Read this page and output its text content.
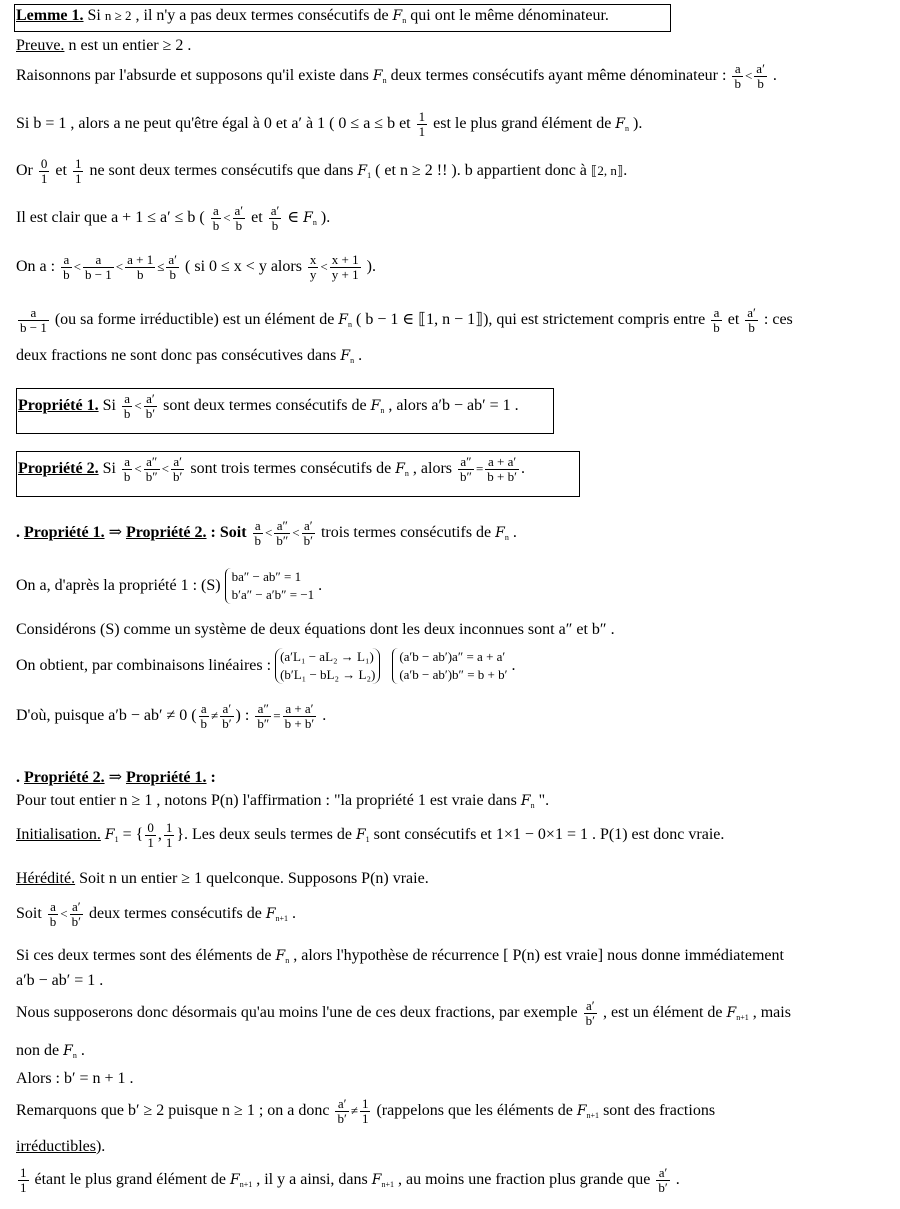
Lemme 1. Si n ≥ 2 , il n'y a pas deux termes consécutifs de $F_n$ qui ont le même dénominateur.
Preuve. n est un entier ≥ 2 .
Raisonnons par l'absurde et supposons qu'il existe dans $F_n$ deux termes consécutifs ayant même dénominateur : $\frac{a}{b} < \frac{a'}{b}$ .
Si b = 1 , alors a ne peut qu'être égal à 0 et a′ à 1 ( 0 ≤ a ≤ b et $\frac{1}{1}$ est le plus grand élément de $F_n$ ).
Or $\frac{0}{1}$ et $\frac{1}{1}$ ne sont deux termes consécutifs que dans $F_1$ ( et n ≥ 2 !! ). b appartient donc à ⟦2, n⟧.
Il est clair que a + 1 ≤ a′ ≤ b ( $\frac{a}{b} < \frac{a'}{b}$ et $\frac{a'}{b}$ ∈ $F_n$ ).
On a : $\frac{a}{b} < \frac{a}{b - 1} < \frac{a + 1}{b} \le \frac{a'}{b}$ ( si 0 ≤ x < y alors $\frac{x}{y} < \frac{x + 1}{y + 1}$ ).
$\frac{a}{b - 1} (ou$ sa forme irréductible) est un élément de $F_n$ ( b − 1 ∈ ⟦1, n − 1⟧), qui est strictement compris entre $\frac{a}{b}$ et $\frac{a'}{b}$ : ces
deux fractions ne sont donc pas consécutives dans $F_n$ .
Propriété 1. Si $\frac{a}{b} < \frac{a'}{b'}$ sont deux termes consécutifs de $F_n$ , alors a′b − ab′ = 1 .
Propriété 2. Si $\frac{a}{b} < \frac{a''}{b''} < \frac{a'}{b'}$ sont trois termes consécutifs de $F_n$ , alors $\frac{a''}{b''} = \frac{a + a'}{b + b'}$ .
. Propriété 1. ⇒ Propriété 2. : Soit $\frac{a}{b} < \frac{a''}{b''} < \frac{a'}{b'}$ trois termes consécutifs de $F_n$ .
On a, d'après la propriété 1 : (S)
ba″ − ab″ = 1
b′a″ − a′b″ = −1
.
Considérons (S) comme un système de deux équations dont les deux inconnues sont a″ et b″ .
On obtient, par combinaisons linéaires :
(a′L₁ − aL₂ → L₁)
(b′L₁ − bL₂ → L₂)

(a′b − ab′)a″ = a + a′
(a′b − ab′)b″ = b + b′
.
D'où, puisque a′b − ab′ ≠ 0 ( $\frac{a}{b} \ne \frac{a'}{b'}$ ) : $\frac{a''}{b''} = \frac{a + a'}{b + b'}$ .
. Propriété 2. ⇒ Propriété 1. :
Pour tout entier n ≥ 1 , notons P(n) l'affirmation : "la propriété 1 est vraie dans $F_n$ ".
Initialisation. $F_1$ = { $\frac{0}{1}$ , $\frac{1}{1}$ }. Les deux seuls termes de $F_1$ sont consécutifs et 1×1 − 0×1 = 1 . P(1) est donc vraie.
Hérédité. Soit n un entier ≥ 1 quelconque. Supposons P(n) vraie.
Soit $\frac{a}{b} < \frac{a'}{b'}$ deux termes consécutifs de $F_{n+1}$ .
Si ces deux termes sont des éléments de $F_n$ , alors l'hypothèse de récurrence [ P(n) est vraie] nous donne immédiatement
a′b − ab′ = 1 .
Nous supposerons donc désormais qu'au moins l'une de ces deux fractions, par exemple $\frac{a'}{b'}$ , est un élément de $F_{n+1}$ , mais
non de $F_n$ .
Alors : b′ = n + 1 .
Remarquons que b′ ≥ 2 puisque n ≥ 1 ; on a donc $\frac{a'}{b'} \ne \frac{1}{1}$ (rappelons que les éléments de $F_{n+1}$ sont des fractions
irréductibles).
$\frac{1}{1}$ étant le plus grand élément de $F_{n+1}$ , il y a ainsi, dans $F_{n+1}$ , au moins une fraction plus grande que $\frac{a'}{b'}$ .
